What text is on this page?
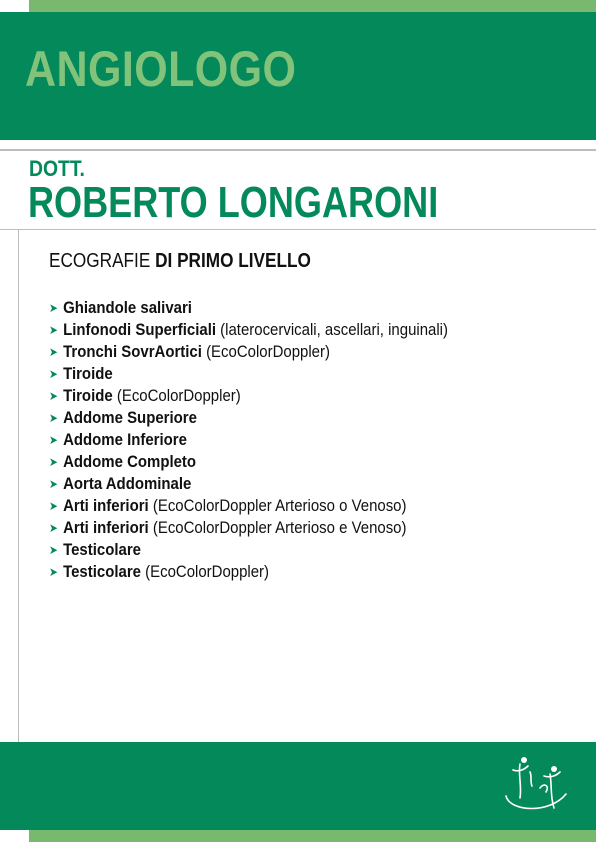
ANGIOLOGO
DOTT.
ROBERTO LONGARONI
ECOGRAFIE DI PRIMO LIVELLO
➤ Ghiandole salivari
➤ Linfonodi Superficiali (laterocervicali, ascellari, inguinali)
➤ Tronchi SovrAortici (EcoColorDoppler)
➤ Tiroide
➤ Tiroide (EcoColorDoppler)
➤ Addome Superiore
➤ Addome Inferiore
➤ Addome Completo
➤ Aorta Addominale
➤ Arti inferiori (EcoColorDoppler Arterioso o Venoso)
➤ Arti inferiori (EcoColorDoppler Arterioso e Venoso)
➤ Testicolare
➤ Testicolare (EcoColorDoppler)
